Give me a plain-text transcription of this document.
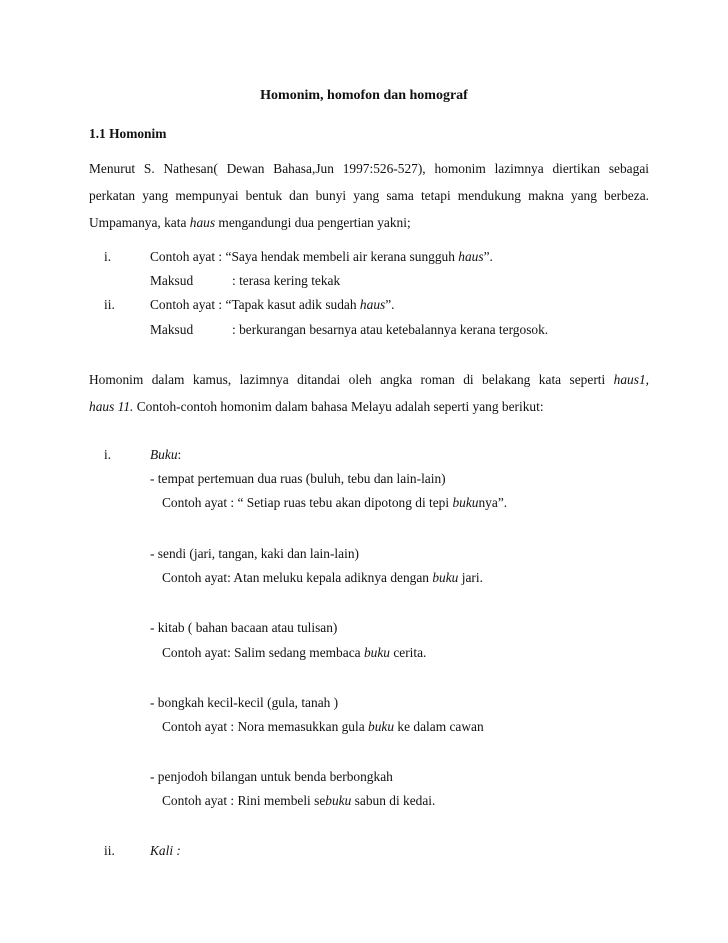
Homonim, homofon dan homograf
1.1 Homonim
Menurut S. Nathesan( Dewan Bahasa,Jun 1997:526-527), homonim lazimnya diertikan sebagai
perkatan yang mempunyai bentuk dan bunyi yang sama tetapi mendukung makna yang berbeza.
Umpamanya, kata haus mengandungi dua pengertian yakni;
i.	Contoh ayat : “Saya hendak membeli air kerana sungguh haus”.
Maksud	: terasa kering tekak
ii.	Contoh ayat : “Tapak kasut adik sudah haus”.
Maksud	: berkurangan besarnya atau ketebalannya kerana tergosok.
Homonim dalam kamus, lazimnya ditandai oleh angka roman di belakang kata seperti haus1,
haus 11. Contoh-contoh homonim dalam bahasa Melayu adalah seperti yang berikut:
i.	Buku:
- tempat pertemuan dua ruas (buluh, tebu dan lain-lain)
Contoh ayat : “ Setiap ruas tebu akan dipotong di tepi bukunya”.
- sendi (jari, tangan, kaki dan lain-lain)
Contoh ayat: Atan meluku kepala adiknya dengan buku jari.
- kitab ( bahan bacaan atau tulisan)
Contoh ayat: Salim sedang membaca buku cerita.
- bongkah kecil-kecil (gula, tanah )
Contoh ayat : Nora memasukkan gula buku ke dalam cawan
- penjodoh bilangan untuk benda berbongkah
Contoh ayat : Rini membeli sebuku sabun di kedai.
ii.	Kali :
